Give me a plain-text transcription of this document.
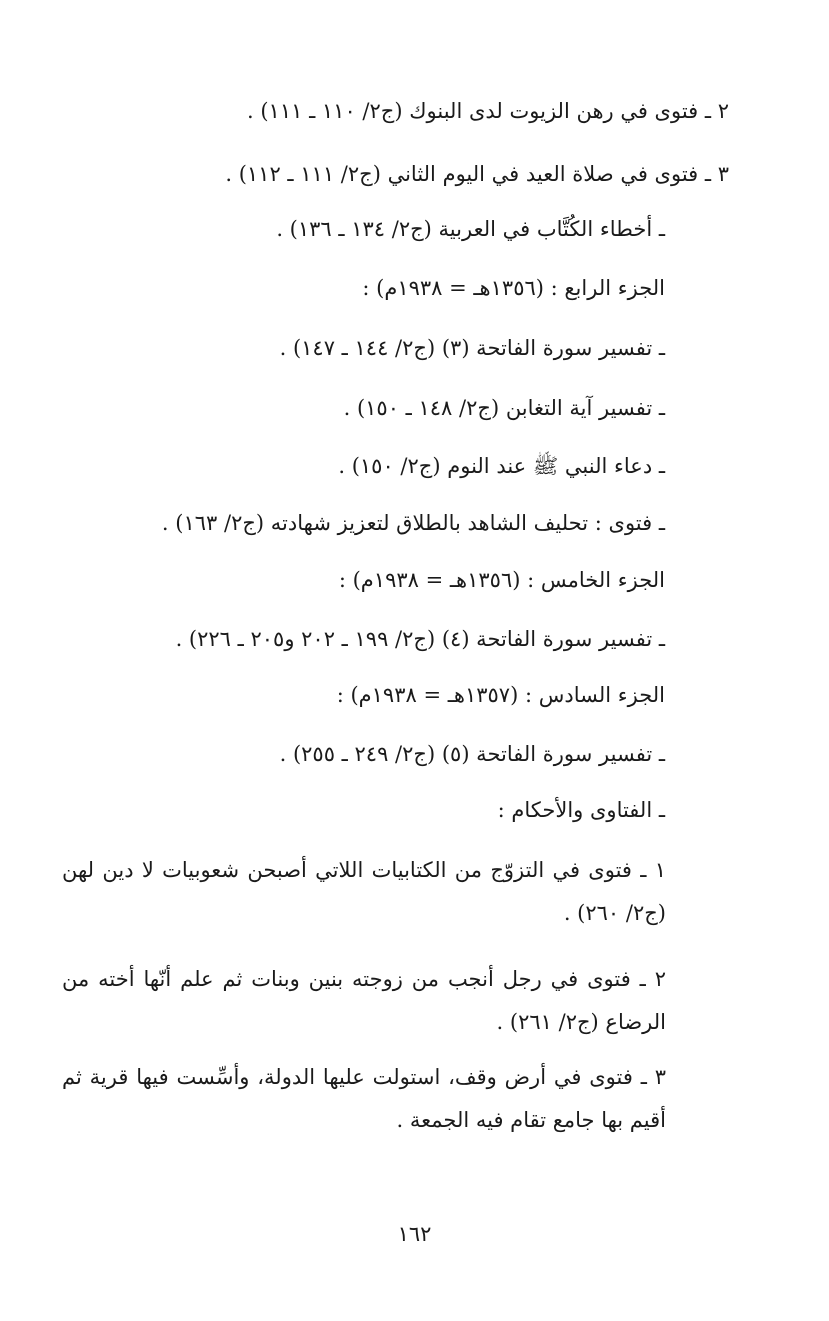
٢ ـ فتوى في رهن الزيوت لدى البنوك (ج٢/ ١١٠ ـ ١١١) .
٣ ـ فتوى في صلاة العيد في اليوم الثاني (ج٢/ ١١١ ـ ١١٢) .
ـ أخطاء الكُتَّاب في العربية (ج٢/ ١٣٤ ـ ١٣٦) .
الجزء الرابع : (١٣٥٦هـ = ١٩٣٨م) :
ـ تفسير سورة الفاتحة (٣) (ج٢/ ١٤٤ ـ ١٤٧) .
ـ تفسير آية التغابن (ج٢/ ١٤٨ ـ ١٥٠) .
ـ دعاء النبي ﷺ عند النوم (ج٢/ ١٥٠) .
ـ فتوى : تحليف الشاهد بالطلاق لتعزيز شهادته (ج٢/ ١٦٣) .
الجزء الخامس : (١٣٥٦هـ = ١٩٣٨م) :
ـ تفسير سورة الفاتحة (٤) (ج٢/ ١٩٩ ـ ٢٠٢ و٢٠٥ ـ ٢٢٦) .
الجزء السادس : (١٣٥٧هـ = ١٩٣٨م) :
ـ تفسير سورة الفاتحة (٥) (ج٢/ ٢٤٩ ـ ٢٥٥) .
ـ الفتاوى والأحكام :
١ ـ فتوى في التزوّج من الكتابيات اللاتي أصبحن شعوبيات لا دين لهن (ج٢/ ٢٦٠) .
٢ ـ فتوى في رجل أنجب من زوجته بنين وبنات ثم علم أنّها أخته من الرضاع (ج٢/ ٢٦١) .
٣ ـ فتوى في أرض وقف، استولت عليها الدولة، وأسِّست فيها قرية ثم أقيم بها جامع تقام فيه الجمعة .
١٦٢
